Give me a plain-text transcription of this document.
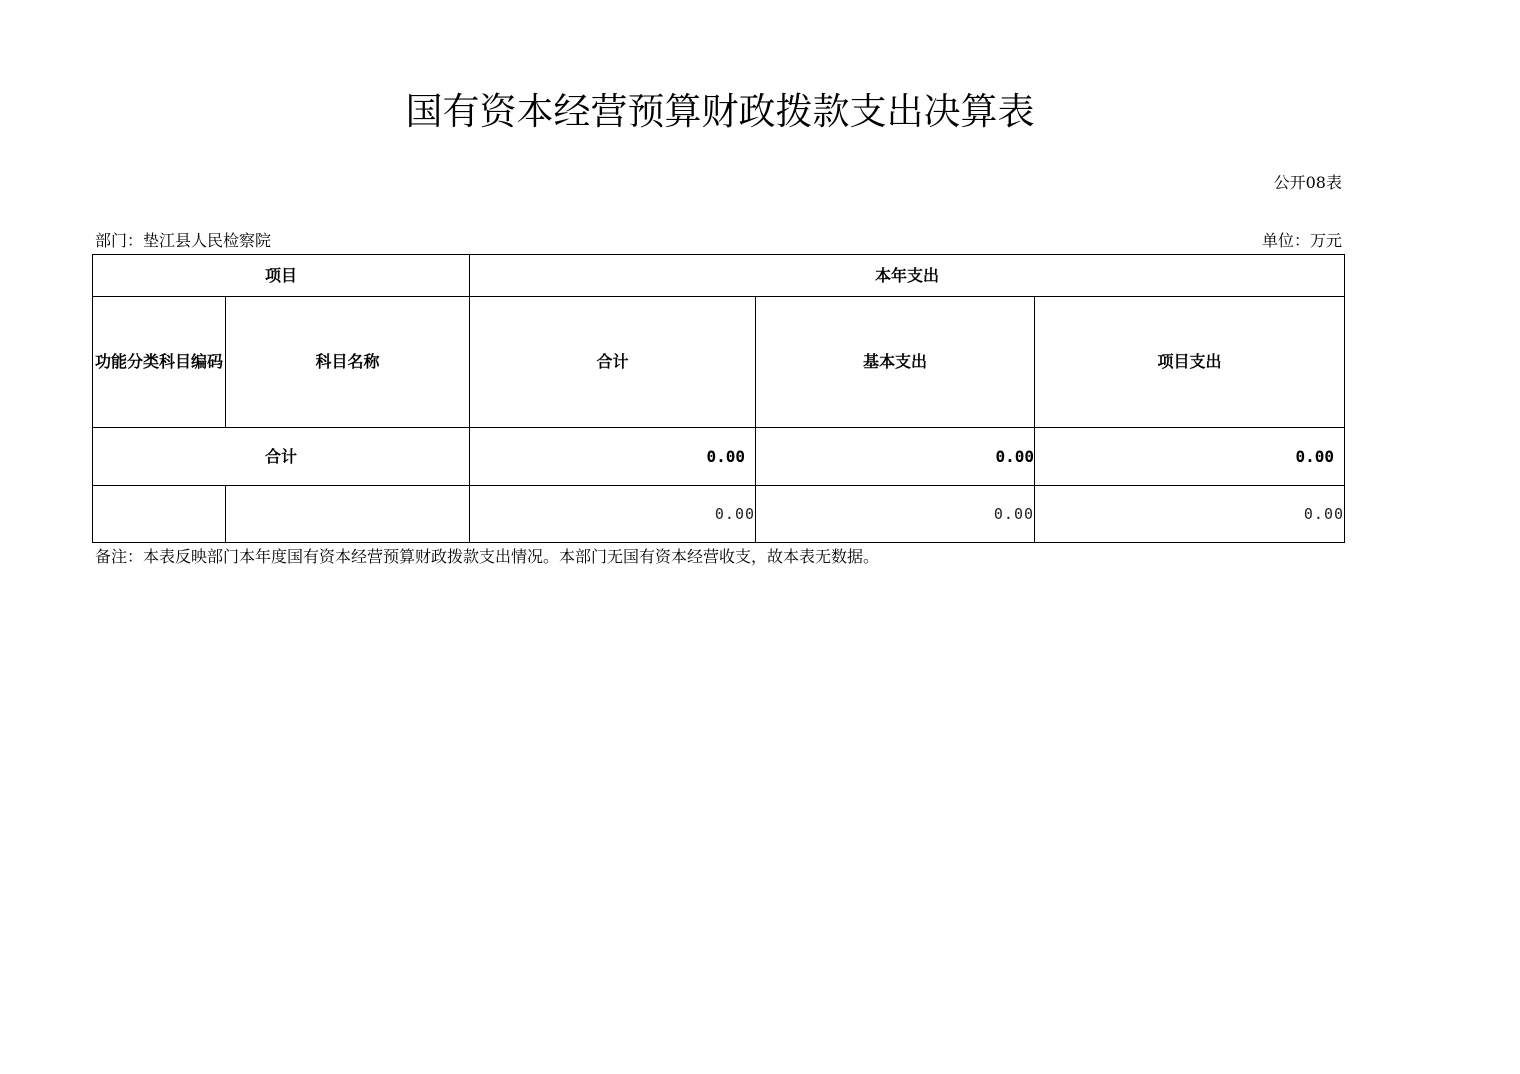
国有资本经营预算财政拨款支出决算表
公开08表
部门：垫江县人民检察院	单位：万元
项目		本年支出		
功能分类科目编码	科目名称	合计	基本支出	项目支出
合计		0.00	0.00	0.00
		0.00	0.00	0.00
备注：本表反映部门本年度国有资本经营预算财政拨款支出情况。本部门无国有资本经营收支，故本表无数据。
